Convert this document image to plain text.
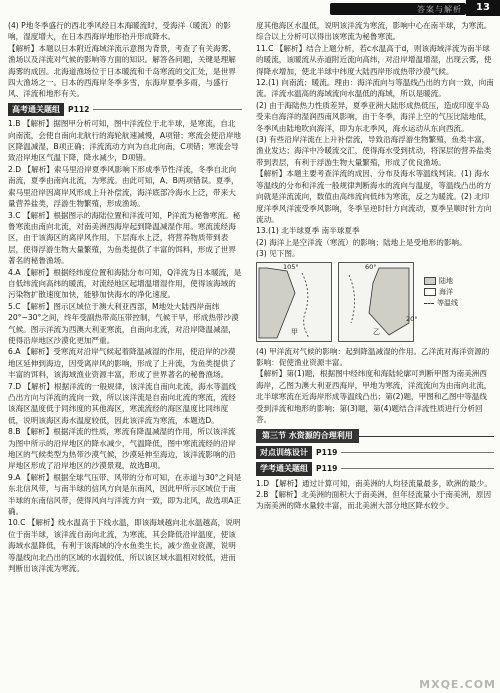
答案与解析	13

(4) P地冬季盛行的西北季风经日本海暖流时，受海洋（暖流）的影响，湿度增大，在日本西海岸地形抬升形成降水。

【解析】本题以日本附近海域洋流示意图为背景，考查了有关海雾、渔场以及洋流对气候的影响等方面的知识。解答各问题，关键是理解海雾的成因。北海道渔场位于日本暖流和千岛寒流的交汇处，是世界四大渔场之一。日本的西海岸冬季多雪，东海岸夏季多雨，与盛行风、洋流和地形有关。

高考通关题组	P112

1.B 【解析】据图甲分析可知，图中洋流位于北半球，是寒流，自北向南流，会使自南向北航行的海轮航速减慢，A项错；寒流会使沿岸地区降温减湿，B项正确；洋流流动方向为自北向南，C项错；寒流会导致沿岸地区气温下降，降水减少，D项错。

2.D 【解析】索马里沿岸夏季风影响下形成季节性洋流，冬季自北向南流，夏季由南向北流，为寒流。由此可知，A、B两项错误。夏季，索马里沿岸因离岸风形成上升补偿流，海洋底部冷海水上泛，带来大量营养盐类，浮游生物繁殖，形成渔场。

3.C 【解析】根据图示的海陆位置和洋流可知，P洋流为秘鲁寒流。秘鲁寒流由南向北流，对南美洲西海岸起到降温减湿作用。寒流流经海区，由于该海区的离岸风作用，下层海水上泛，将营养物质带到表层，使得浮游生物大量繁殖，为鱼类提供了丰富的饵料，形成了世界著名的秘鲁渔场。

4.A 【解析】根据经纬度位置和海陆分布可知，Q洋流为日本暖流，是自低纬流向高纬的暖流，对流经地区起增温增湿作用，使得该海域的污染物扩散速度加快，能够加快海水的净化速度。

5.C 【解析】图示区域位于澳大利亚西部，M地处大陆西岸南纬20°~30°之间，终年受副热带高压带控制，气候干旱，形成热带沙漠气候。图示洋流为西澳大利亚寒流，自南向北流，对沿岸降温减湿，使得沿岸地区沙漠化更加严重。

6.A 【解析】受寒流对沿岸气候起着降温减湿的作用，使沿岸的沙漠地区延伸到海边，因受离岸风的影响，形成了上升流，为鱼类提供了丰富的饵料，该海域渔业资源丰富，形成了世界著名的秘鲁渔场。

7.D 【解析】根据洋流的一般规律，该洋流自南向北流，海水等温线凸出方向与洋流的流向一致，所以该洋流是自南向北流的寒流，流经该海区温度低于同纬度的其他海区，寒流流经的海区温度比同纬度低，说明该海区海水温度较低，因此该洋流为寒流，本题选D。

8.B 【解析】根据洋流的性质，寒流有降温减湿的作用，所以该洋流为图中所示的沿岸地区的降水减少，气温降低，图中寒流流经的沿岸地区的气候类型为热带沙漠气候，沙漠延伸至海边，该洋流影响的沿岸地区形成了沿岸地区的沙漠景观，故选B项。

9.A 【解析】根据全球气压带、风带的分布可知，在赤道与30°之间是东北信风带，与南半球的信风方向是东南风，因此甲所示区域位于南半球的东南信风带，使得风向与洋流方向一致，即为北风，故选项A正确。

10.C 【解析】线水温高于下线水温，即该海域越向北水温越高，说明位于南半球，该洋流自南向北流，为寒流，其会降低沿岸温度，使该海域水温降低，有利于该海域的冷水鱼类生长，减少渔业资源，说明等温线向北凸出的区域的水温较低，所以该区域水温相对较低，进而判断出该洋流为寒流。

度其他海区水温低，说明该洋流为寒流，影响中心在南半球，为寒流。综合以上分析可以得出该寒流为秘鲁寒流。

11.C 【解析】结合上题分析，若c水温高于d，则该海域洋流为南半球的暖流，该暖流从赤道附近流向高纬，对沿岸增温增湿，出现云雾，使得降水增加，使北半球中纬度大陆西岸形成热带沙漠气候。

12.(1) 向南流；暖流。理由：海洋流向与等温线凸出的方向一致，向南流。洋流水温高的海域流向水温低的海域，所以是暖流。

(2) 由于海陆热力性质差异，夏季亚洲大陆形成热低压，造成印度半岛受来自海洋的湿润西南风影响，由于冬季，海洋上空的气压比陆地低，冬季风由陆地吹向海洋，即为东北季风，海水运动从东向西流。

(3) 有些沿岸洋流在上升补偿流，导致沿海浮游生物繁殖，鱼类丰富，渔业发达；海洋中冷暖流交汇，使得海水受到扰动，将深层的营养盐类带到表层，有利于浮游生物大量繁殖，形成了优良渔场。

【解析】本题主要考查洋流的成因、分布及海水等温线判读。(1) 海水等温线的分布和洋流一般规律判断海水的流向与温度，等温线凸出的方向就是洋流流向，数值由高纬流向低纬为寒流，反之为暖流。(2) 北印度洋季风洋流受季风影响，冬季呈逆时针方向流动，夏季呈顺时针方向流动。

13.(1) 北半球夏季 南半球夏季

(2) 海洋上是空洋流（寒流）的影响；陆地上是受地形的影响。

(3) 见下图。

甲
105°
乙
60°
20°
陆地
海洋
等温线

(4) 甲洋流对气候的影响：起到降温减湿的作用。乙洋流对海洋资源的影响：促使渔业资源丰富。

【解析】第(1)题，根据图中经纬度和海陆轮廓可判断甲图为南美洲西海岸，乙图为澳大利亚西海岸，甲地为寒流，洋流流向为由南向北流，北半球寒流在近海岸形成等温线凸出；第(2)题，甲图和乙图中等温线受到洋流和地形的影响；第(3)题，第(4)题结合洋流性质进行分析回答。

第三节 水资源的合理利用
对点训练设计	P119
学考通关题组	P119

1.D 【解析】通过计算可知，南美洲的人均径流量最多，欧洲的最少。

2.B 【解析】北美洲的面积大于南美洲，但年径流量小于南美洲，原因为南美洲的降水量较丰富，而北美洲大部分地区降水较少。

MXQE.COM
